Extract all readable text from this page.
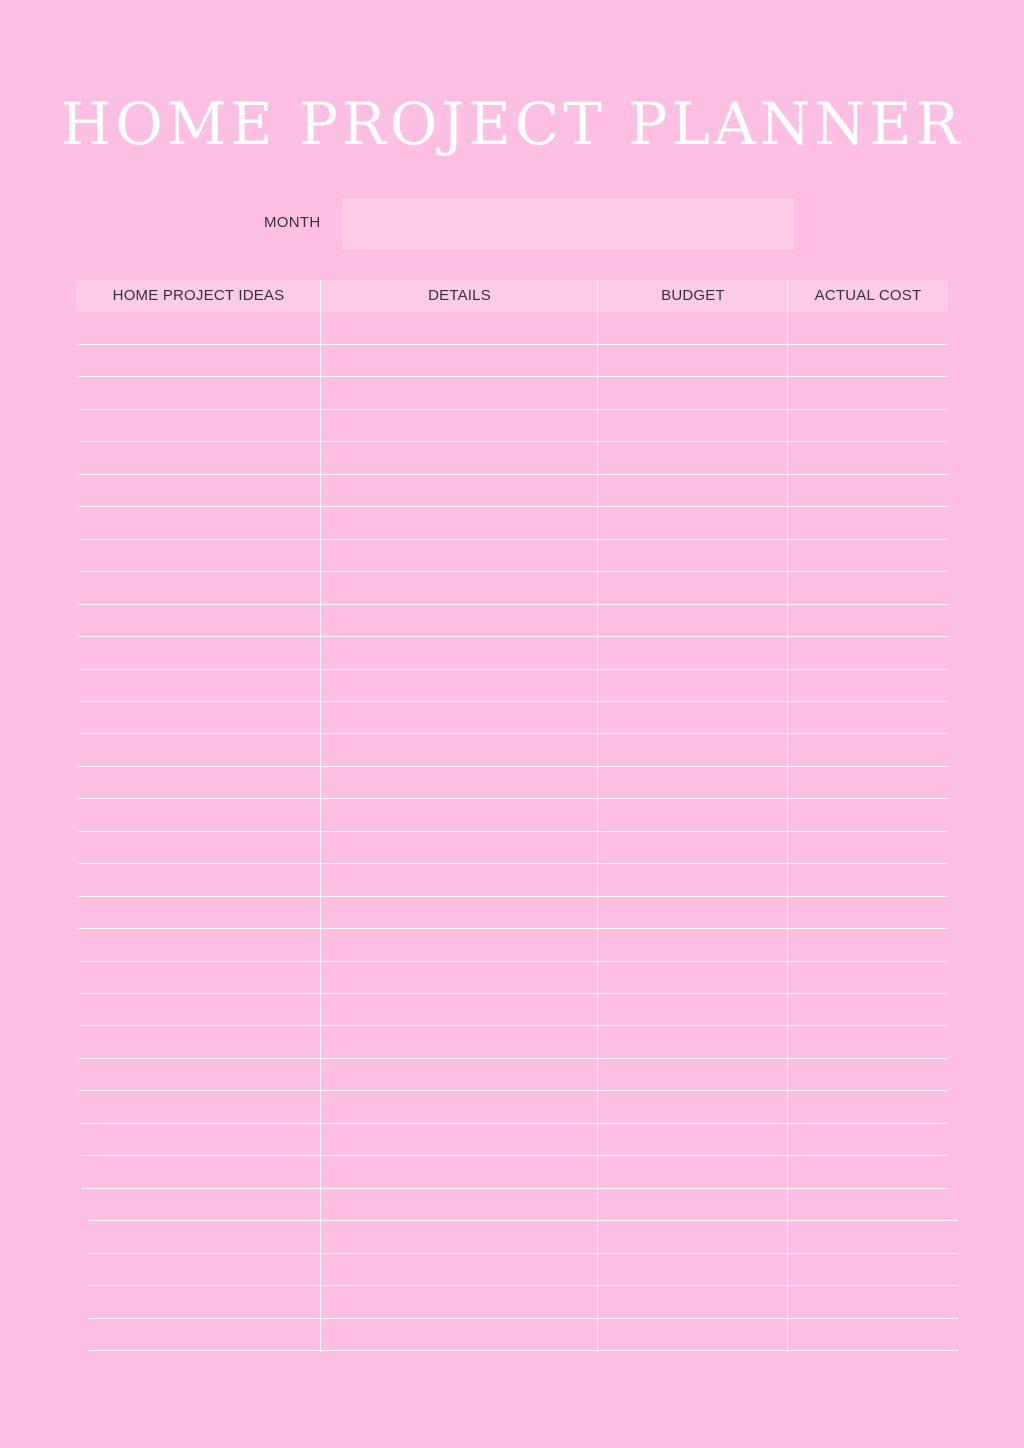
HOME PROJECT PLANNER
MONTH
HOME PROJECT IDEAS	DETAILS	BUDGET	ACTUAL COST
